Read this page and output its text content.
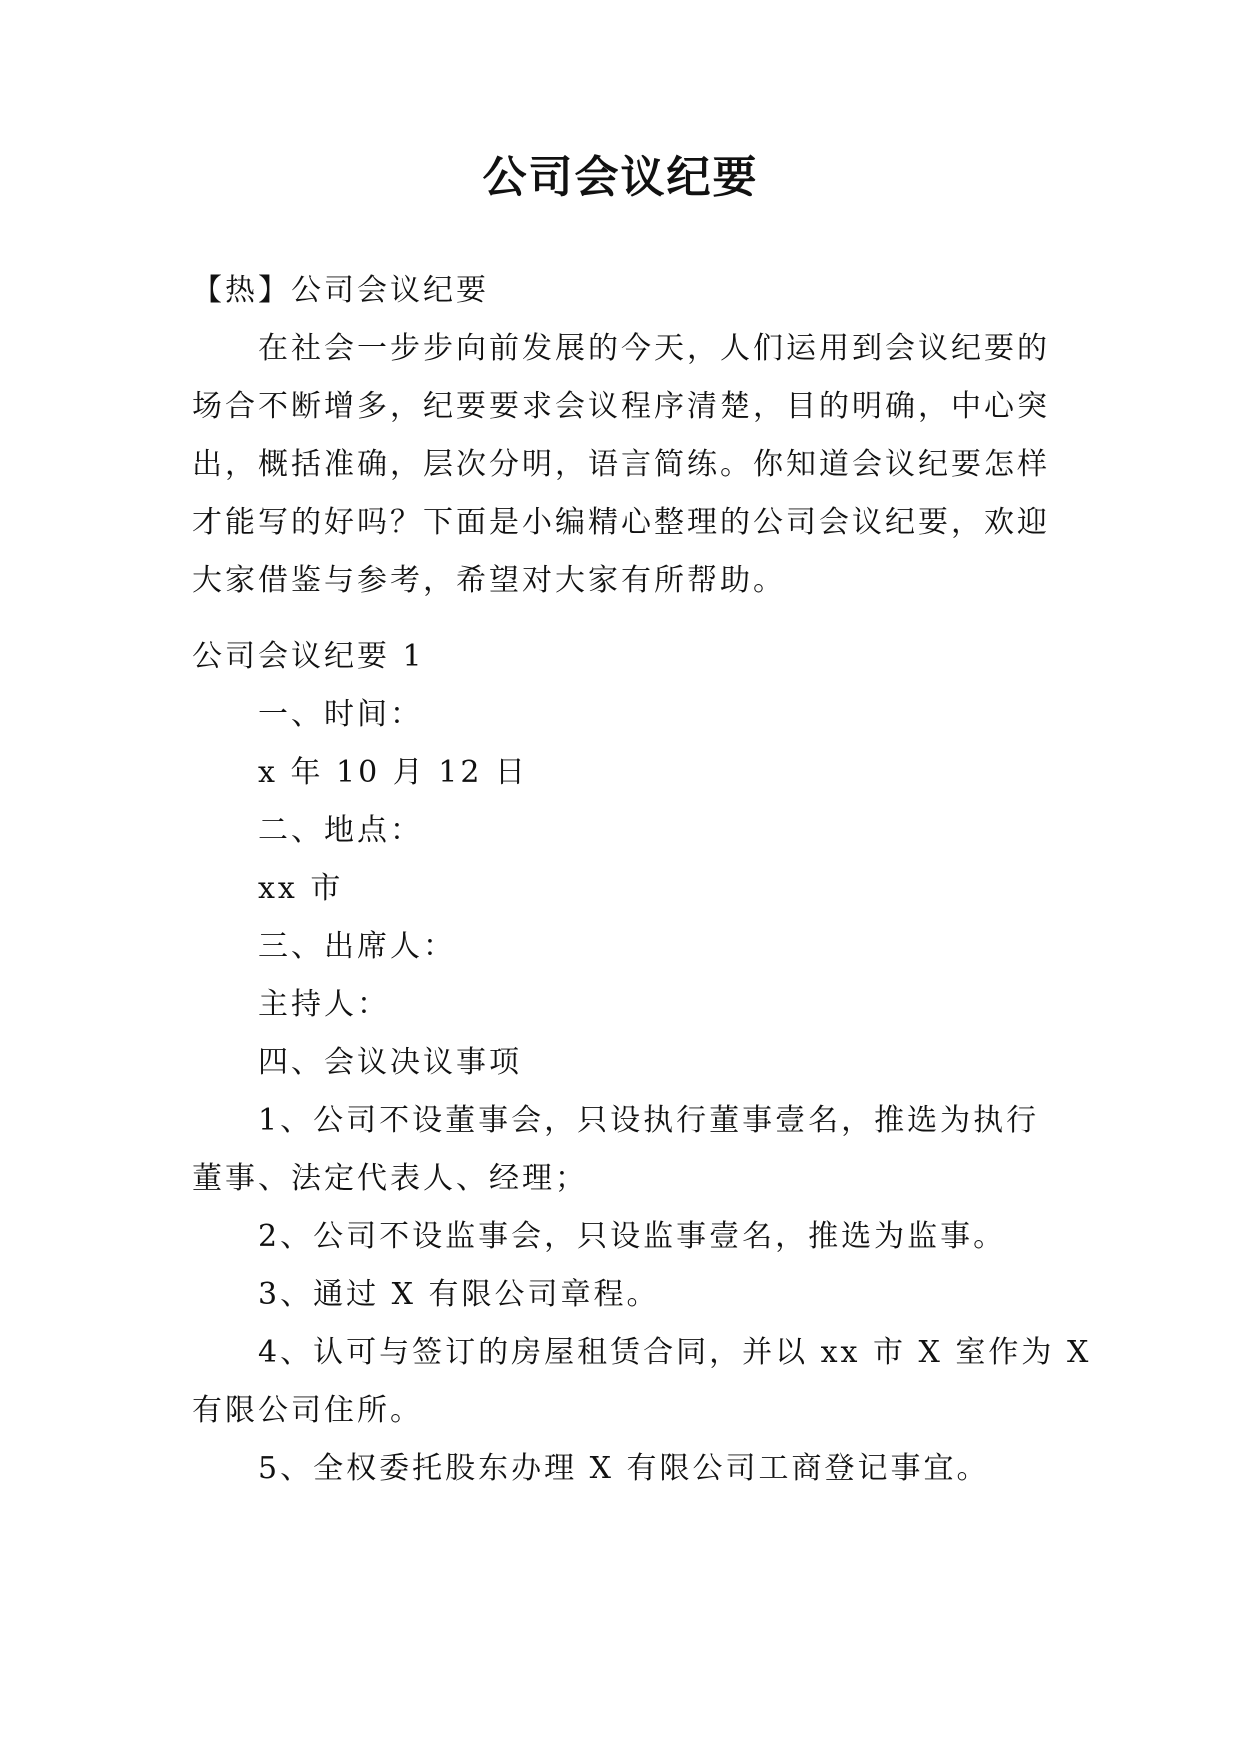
公司会议纪要

【热】公司会议纪要

在社会一步步向前发展的今天，人们运用到会议纪要的

场合不断增多，纪要要求会议程序清楚，目的明确，中心突

出，概括准确，层次分明，语言简练。你知道会议纪要怎样

才能写的好吗？下面是小编精心整理的公司会议纪要，欢迎

大家借鉴与参考，希望对大家有所帮助。

公司会议纪要 1

一、时间：

x 年 10 月 12 日

二、地点：

xx 市

三、出席人：

主持人：

四、会议决议事项

1、公司不设董事会，只设执行董事壹名，推选为执行

董事、法定代表人、经理；

2、公司不设监事会，只设监事壹名，推选为监事。

3、通过 X 有限公司章程。

4、认可与签订的房屋租赁合同，并以 xx 市 X 室作为 X

有限公司住所。

5、全权委托股东办理 X 有限公司工商登记事宜。
